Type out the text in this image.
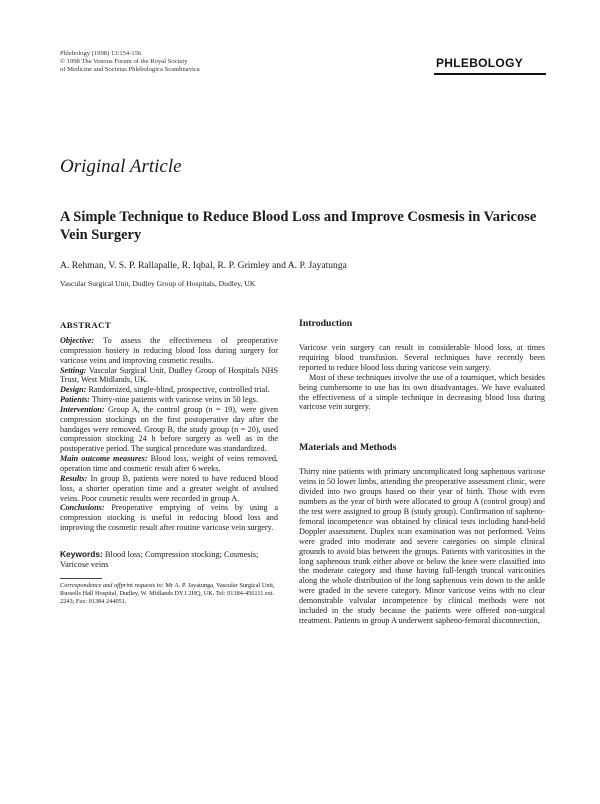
Phlebology (1998) 13:154-156
© 1998 The Venous Forum of the Royal Society
of Medicine and Societas Phlebologica Scandinavica	PHLEBOLOGY
Original Article
A Simple Technique to Reduce Blood Loss and Improve Cosmesis in Varicose Vein Surgery
A. Rehman, V. S. P. Rallapalle, R. Iqbal, R. P. Grimley and A. P. Jayatunga
Vascular Surgical Unit, Dudley Group of Hospitals, Dudley, UK
ABSTRACT

Objective: To assess the effectiveness of preoperative compression hosiery in reducing blood loss during surgery for varicose veins and improving cosmetic results.

Setting: Vascular Surgical Unit, Dudley Group of Hospitals NHS Trust, West Midlands, UK.

Design: Randomized, single-blind, prospective, controlled trial.

Patients: Thirty-nine patients with varicose veins in 50 legs.

Intervention: Group A, the control group (n = 19), were given compression stockings on the first postoperative day after the bandages were removed. Group B, the study group (n = 20), used compression stocking 24 h before surgery as well as in the postoperative period. The surgical procedure was standardized.

Main outcome measures: Blood loss, weight of veins removed, operation time and cosmetic result after 6 weeks.

Results: In group B, patients were noted to have reduced blood loss, a shorter operation time and a greater weight of avulsed veins. Poor cosmetic results were recorded in group A.

Conclusions: Preoperative emptying of veins by using a compression stocking is useful in reducing blood loss and improving the cosmetic result after routine varicose vein surgery.

Keywords: Blood loss; Compression stocking; Cosmesis; Varicose veins
Correspondence and offprint requests to: Mr A. P. Jayatunga, Vascular Surgical Unit, Russells Hall Hospital, Dudley, W. Midlands DY1 2HQ, UK. Tel: 01384-456111 ext. 2243; Fax: 01384 244051.
Introduction

Varicose vein surgery can result in considerable blood loss, at times requiring blood transfusion. Several techniques have recently been reported to reduce blood loss during varicose vein surgery.

Most of these techniques involve the use of a tourniquet, which besides being cumbersome to use has its own disadvantages. We have evaluated the effectiveness of a simple technique in decreasing blood loss during varicose vein surgery.

Materials and Methods

Thirty nine patients with primary uncomplicated long saphenous varicose veins in 50 lower limbs, attending the preoperative assessment clinic, were divided into two groups based on their year of birth. Those with even numbers as the year of birth were allocated to group A (control group) and the rest were assigned to group B (study group). Confirmation of sapheno-femoral incompetence was obtained by clinical tests including hand-held Doppler assessment. Duplex scan examination was not performed. Veins were graded into moderate and severe categories on simple clinical grounds to avoid bias between the groups. Patients with varicosities in the long saphenous trunk either above or below the knee were classified into the moderate category and those having full-length truncal varicosities along the whole distribution of the long saphenous vein down to the ankle were graded in the severe category. Minor varicose veins with no clear demonstrable valvular incompetence by clinical methods were not included in the study because the patients were offered non-surgical treatment. Patients in group A underwent sapheno-femoral disconnection,
